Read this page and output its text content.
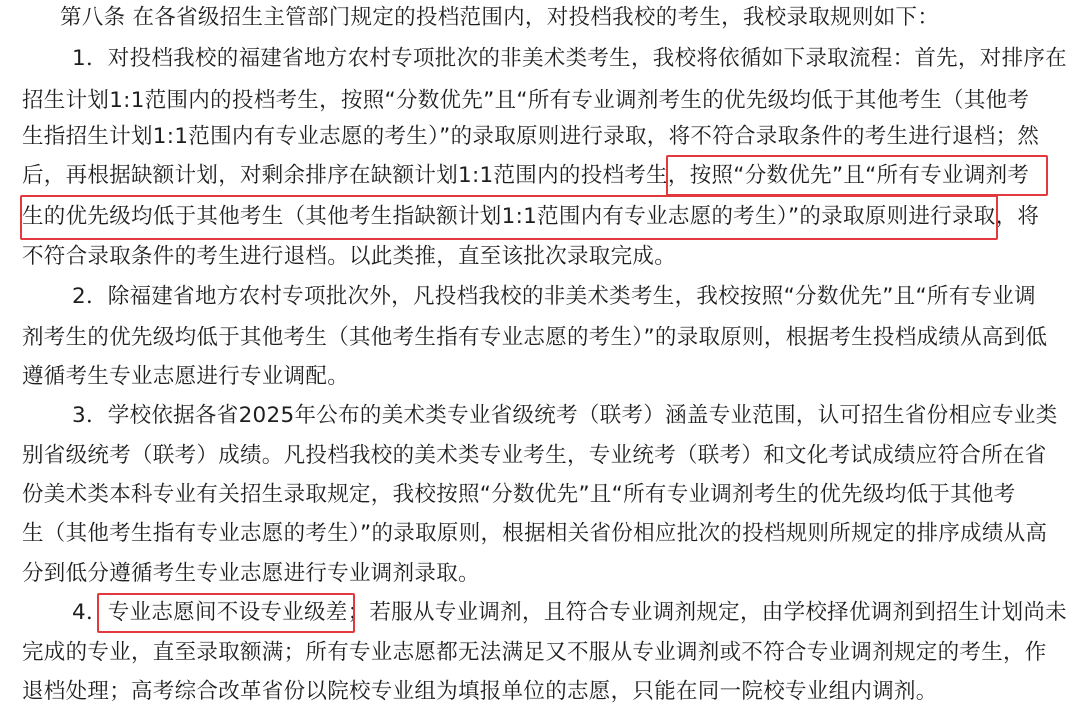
第八条 在各省级招生主管部门规定的投档范围内，对投档我校的考生，我校录取规则如下：
1．对投档我校的福建省地方农村专项批次的非美术类考生，我校将依循如下录取流程：首先，对排序在
招生计划1:1范围内的投档考生，按照“分数优先”且“所有专业调剂考生的优先级均低于其他考生（其他考
生指招生计划1:1范围内有专业志愿的考生）”的录取原则进行录取，将不符合录取条件的考生进行退档；然
后，再根据缺额计划，对剩余排序在缺额计划1:1范围内的投档考生，按照“分数优先”且“所有专业调剂考
生的优先级均低于其他考生（其他考生指缺额计划1:1范围内有专业志愿的考生）”的录取原则进行录取，将
不符合录取条件的考生进行退档。以此类推，直至该批次录取完成。
2．除福建省地方农村专项批次外，凡投档我校的非美术类考生，我校按照“分数优先”且“所有专业调
剂考生的优先级均低于其他考生（其他考生指有专业志愿的考生）”的录取原则，根据考生投档成绩从高到低
遵循考生专业志愿进行专业调配。
3．学校依据各省2025年公布的美术类专业省级统考（联考）涵盖专业范围，认可招生省份相应专业类
别省级统考（联考）成绩。凡投档我校的美术类专业考生，专业统考（联考）和文化考试成绩应符合所在省
份美术类本科专业有关招生录取规定，我校按照“分数优先”且“所有专业调剂考生的优先级均低于其他考
生（其他考生指有专业志愿的考生）”的录取原则，根据相关省份相应批次的投档规则所规定的排序成绩从高
分到低分遵循考生专业志愿进行专业调剂录取。
4．专业志愿间不设专业级差；若服从专业调剂，且符合专业调剂规定，由学校择优调剂到招生计划尚未
完成的专业，直至录取额满；所有专业志愿都无法满足又不服从专业调剂或不符合专业调剂规定的考生，作
退档处理；高考综合改革省份以院校专业组为填报单位的志愿，只能在同一院校专业组内调剂。
